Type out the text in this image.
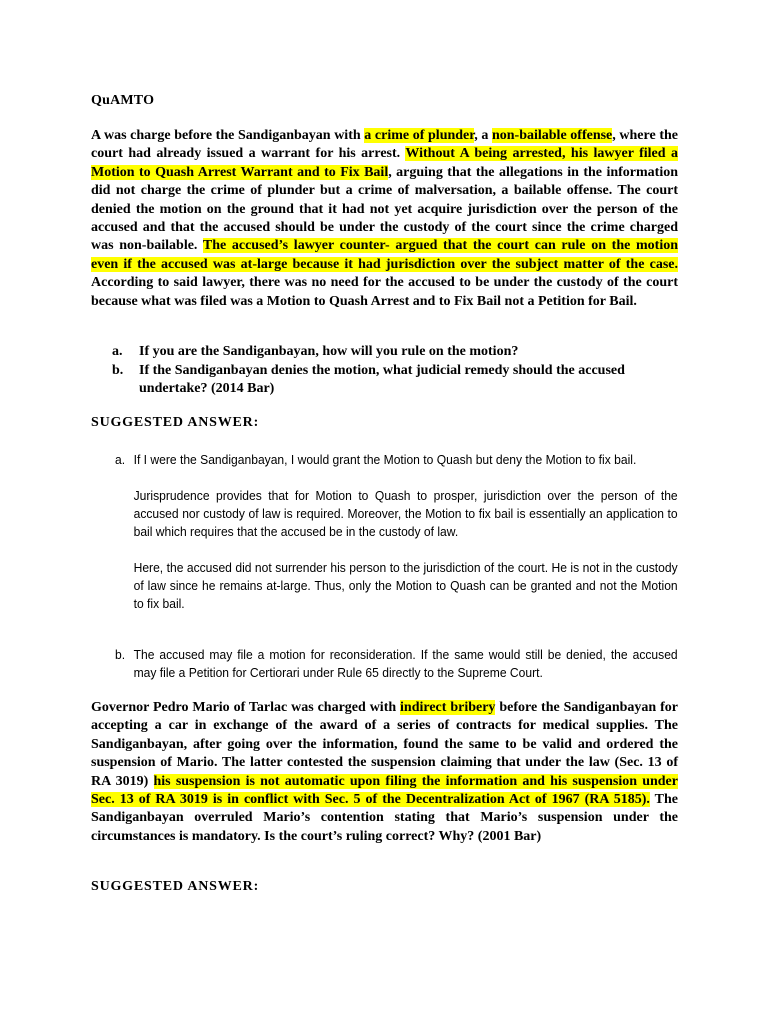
QuAMTO
A was charge before the Sandiganbayan with a crime of plunder, a non-bailable offense, where the court had already issued a warrant for his arrest. Without A being arrested, his lawyer filed a Motion to Quash Arrest Warrant and to Fix Bail, arguing that the allegations in the information did not charge the crime of plunder but a crime of malversation, a bailable offense. The court denied the motion on the ground that it had not yet acquire jurisdiction over the person of the accused and that the accused should be under the custody of the court since the crime charged was non-bailable. The accused’s lawyer counter- argued that the court can rule on the motion even if the accused was at-large because it had jurisdiction over the subject matter of the case. According to said lawyer, there was no need for the accused to be under the custody of the court because what was filed was a Motion to Quash Arrest and to Fix Bail not a Petition for Bail.
a.	If you are the Sandiganbayan, how will you rule on the motion?
b.	If the Sandiganbayan denies the motion, what judicial remedy should the accused undertake? (2014 Bar)
SUGGESTED ANSWER:
a. If I were the Sandiganbayan, I would grant the Motion to Quash but deny the Motion to fix bail.
Jurisprudence provides that for Motion to Quash to prosper, jurisdiction over the person of the accused nor custody of law is required. Moreover, the Motion to fix bail is essentially an application to bail which requires that the accused be in the custody of law.
Here, the accused did not surrender his person to the jurisdiction of the court. He is not in the custody of law since he remains at-large. Thus, only the Motion to Quash can be granted and not the Motion to fix bail.
b. The accused may file a motion for reconsideration. If the same would still be denied, the accused may file a Petition for Certiorari under Rule 65 directly to the Supreme Court.
Governor Pedro Mario of Tarlac was charged with indirect bribery before the Sandiganbayan for accepting a car in exchange of the award of a series of contracts for medical supplies. The Sandiganbayan, after going over the information, found the same to be valid and ordered the suspension of Mario. The latter contested the suspension claiming that under the law (Sec. 13 of RA 3019) his suspension is not automatic upon filing the information and his suspension under Sec. 13 of RA 3019 is in conflict with Sec. 5 of the Decentralization Act of 1967 (RA 5185). The Sandiganbayan overruled Mario’s contention stating that Mario’s suspension under the circumstances is mandatory. Is the court’s ruling correct? Why? (2001 Bar)
SUGGESTED ANSWER:
